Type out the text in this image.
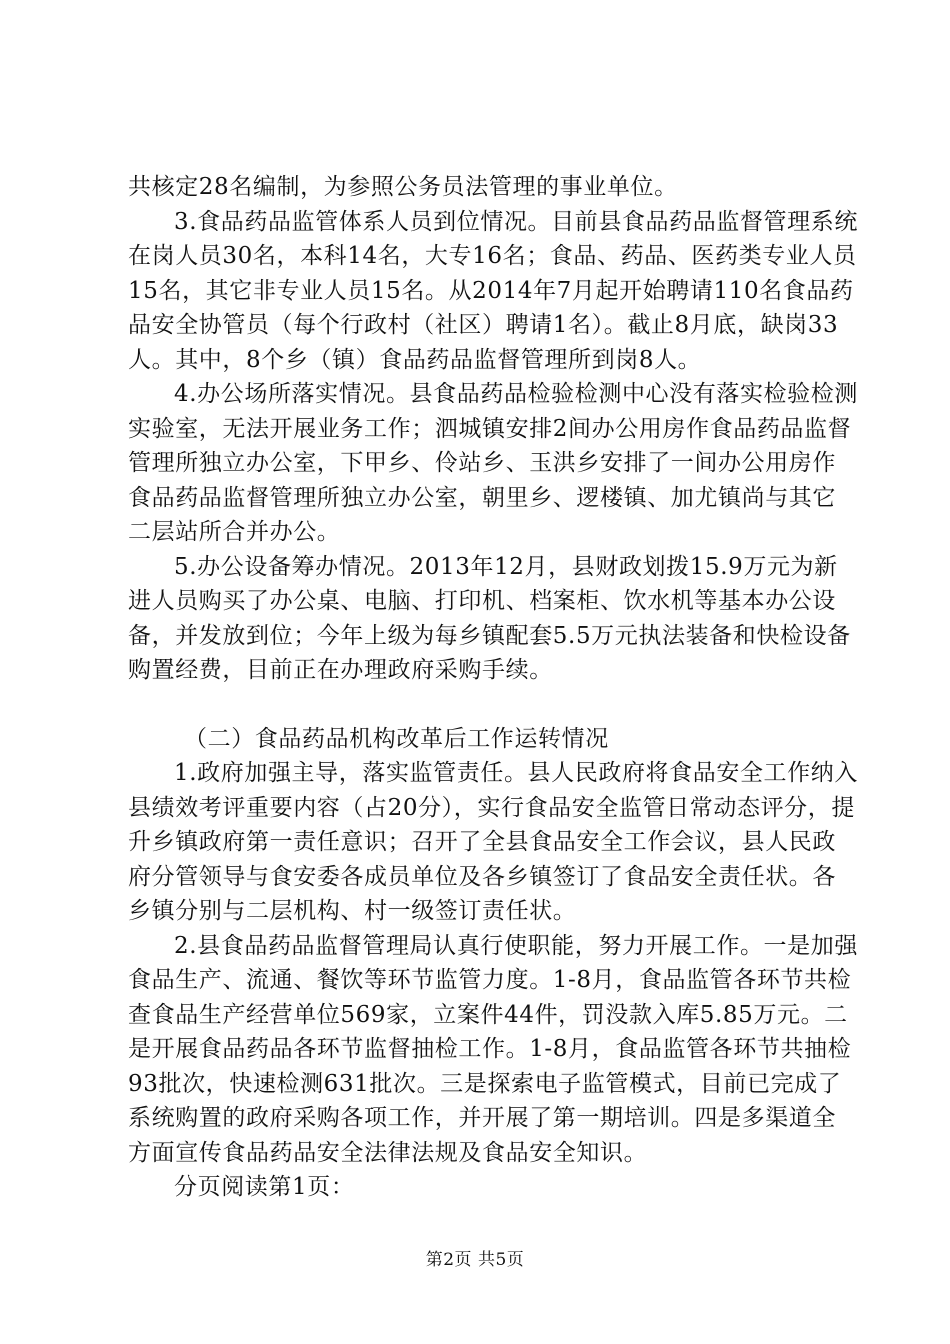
共核定28名编制，为参照公务员法管理的事业单位。

3.食品药品监管体系人员到位情况。目前县食品药品监督管理系统在岗人员30名，本科14名，大专16名；食品、药品、医药类专业人员15名，其它非专业人员15名。从2014年7月起开始聘请110名食品药品安全协管员（每个行政村（社区）聘请1名）。截止8月底，缺岗33人。其中，8个乡（镇）食品药品监督管理所到岗8人。

4.办公场所落实情况。县食品药品检验检测中心没有落实检验检测实验室，无法开展业务工作；泗城镇安排2间办公用房作食品药品监督管理所独立办公室，下甲乡、伶站乡、玉洪乡安排了一间办公用房作食品药品监督管理所独立办公室，朝里乡、逻楼镇、加尤镇尚与其它二层站所合并办公。

5.办公设备筹办情况。2013年12月，县财政划拨15.9万元为新进人员购买了办公桌、电脑、打印机、档案柜、饮水机等基本办公设备，并发放到位；今年上级为每乡镇配套5.5万元执法装备和快检设备购置经费，目前正在办理政府采购手续。

（二）食品药品机构改革后工作运转情况

1.政府加强主导，落实监管责任。县人民政府将食品安全工作纳入县绩效考评重要内容（占20分），实行食品安全监管日常动态评分，提升乡镇政府第一责任意识；召开了全县食品安全工作会议，县人民政府分管领导与食安委各成员单位及各乡镇签订了食品安全责任状。各乡镇分别与二层机构、村一级签订责任状。

2.县食品药品监督管理局认真行使职能，努力开展工作。一是加强食品生产、流通、餐饮等环节监管力度。1-8月，食品监管各环节共检查食品生产经营单位569家，立案件44件，罚没款入库5.85万元。二是开展食品药品各环节监督抽检工作。1-8月，食品监管各环节共抽检93批次，快速检测631批次。三是探索电子监管模式，目前已完成了系统购置的政府采购各项工作，并开展了第一期培训。四是多渠道全方面宣传食品药品安全法律法规及食品安全知识。

分页阅读第1页：

第2页 共5页
